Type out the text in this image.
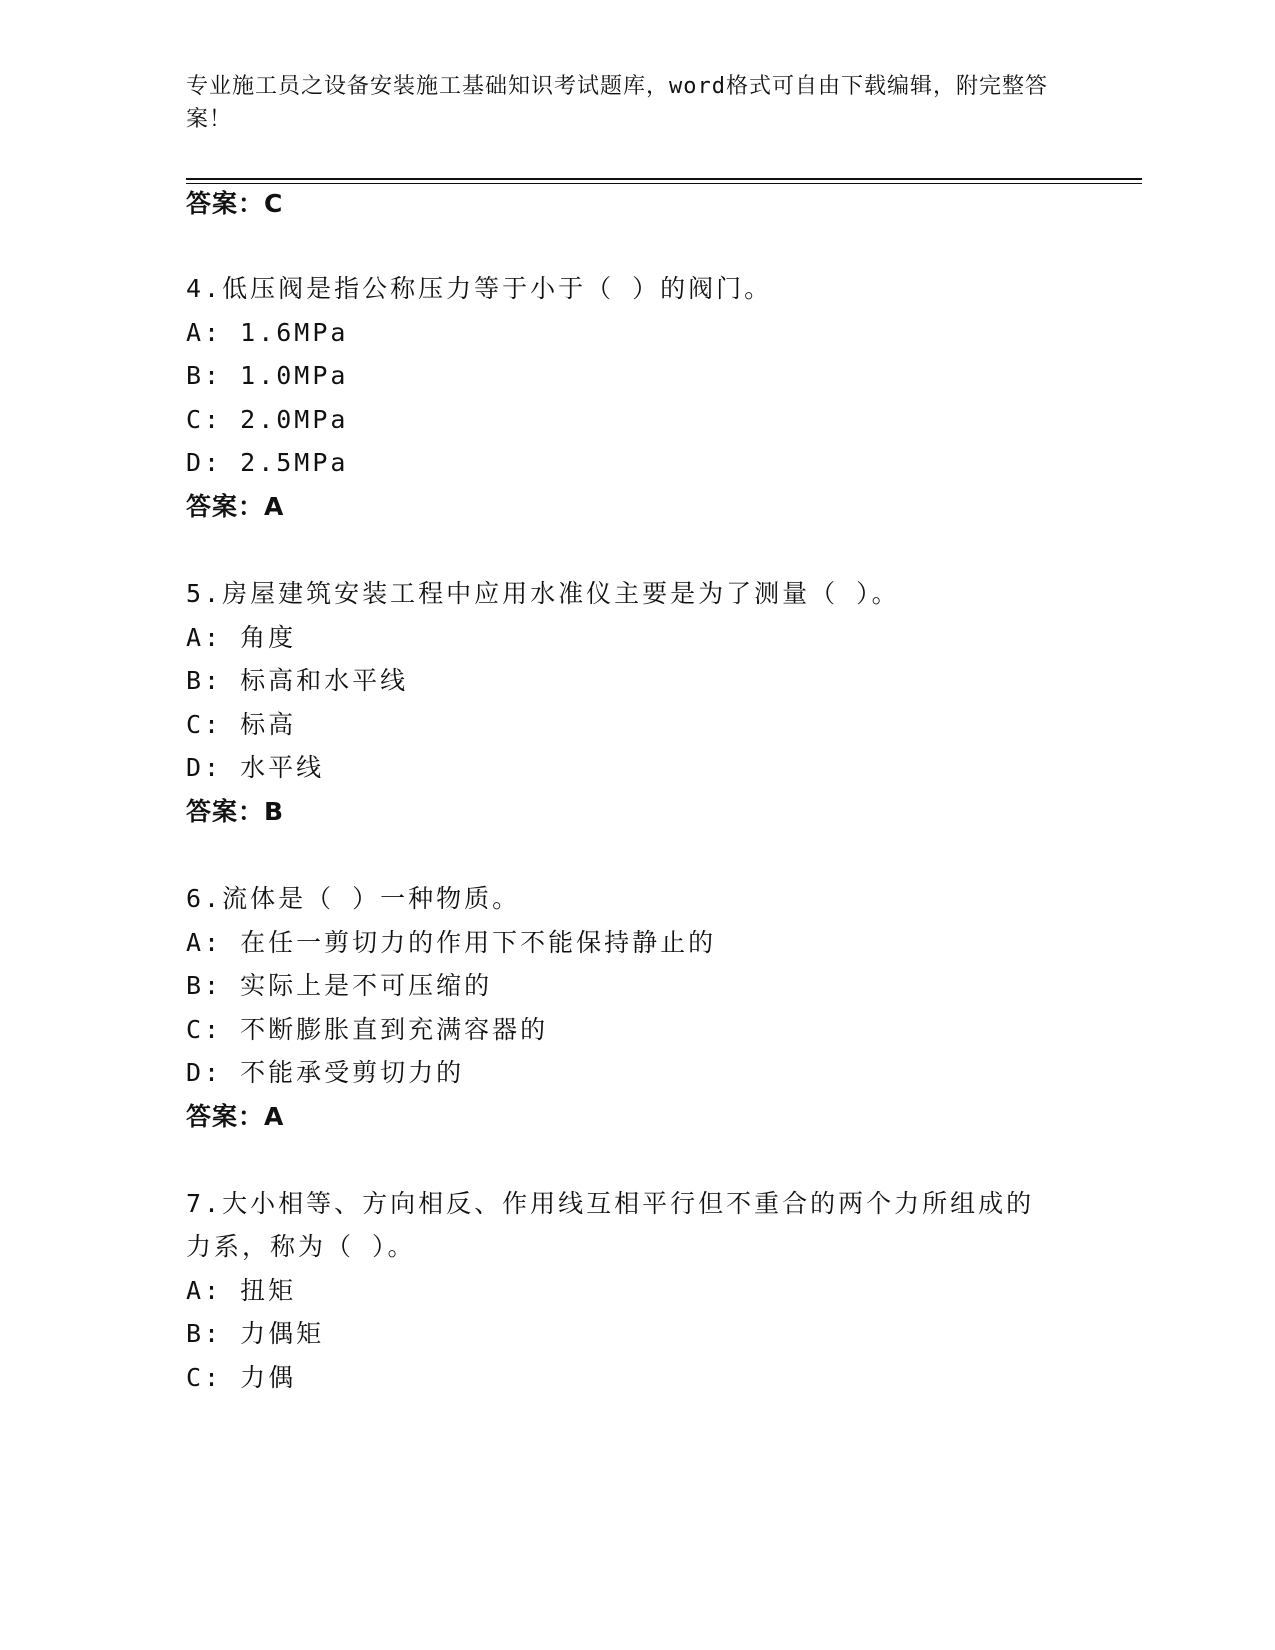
专业施工员之设备安装施工基础知识考试题库，word格式可自由下载编辑，附完整答案！
答案：C
4.低压阀是指公称压力等于小于（ ）的阀门。
A: 1.6MPa
B: 1.0MPa
C: 2.0MPa
D: 2.5MPa
答案：A
5.房屋建筑安装工程中应用水准仪主要是为了测量（ ）。
A: 角度
B: 标高和水平线
C: 标高
D: 水平线
答案：B
6.流体是（ ）一种物质。
A: 在任一剪切力的作用下不能保持静止的
B: 实际上是不可压缩的
C: 不断膨胀直到充满容器的
D: 不能承受剪切力的
答案：A
7.大小相等、方向相反、作用线互相平行但不重合的两个力所组成的
力系，称为（ ）。
A: 扭矩
B: 力偶矩
C: 力偶
